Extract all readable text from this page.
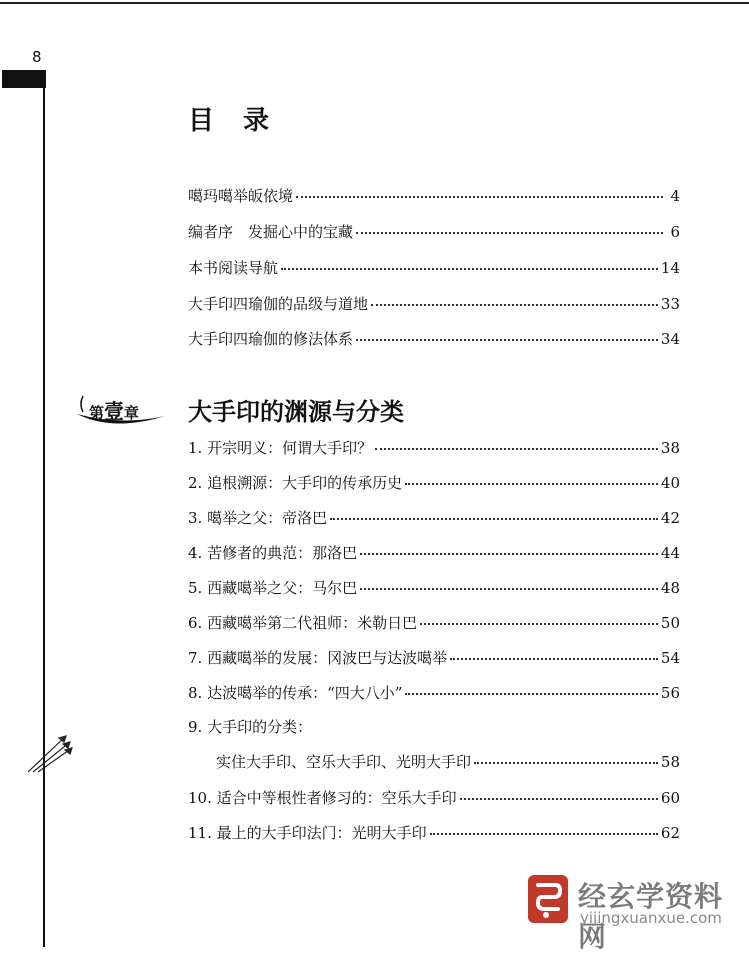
8
目 录
噶玛噶举皈依境	4
编者序　发掘心中的宝藏	6
本书阅读导航	14
大手印四瑜伽的品级与道地	33
大手印四瑜伽的修法体系	34
第壹章 大手印的渊源与分类
1. 开宗明义：何谓大手印？	38
2. 追根溯源：大手印的传承历史	40
3. 噶举之父：帝洛巴	42
4. 苦修者的典范：那洛巴	44
5. 西藏噶举之父：马尔巴	48
6. 西藏噶举第二代祖师：米勒日巴	50
7. 西藏噶举的发展：冈波巴与达波噶举	54
8. 达波噶举的传承：“四大八小”	56
9. 大手印的分类：
实住大手印、空乐大手印、光明大手印	58
10. 适合中等根性者修习的：空乐大手印	60
11. 最上的大手印法门：光明大手印	62
经玄学资料网
yijingxuanxue.com
